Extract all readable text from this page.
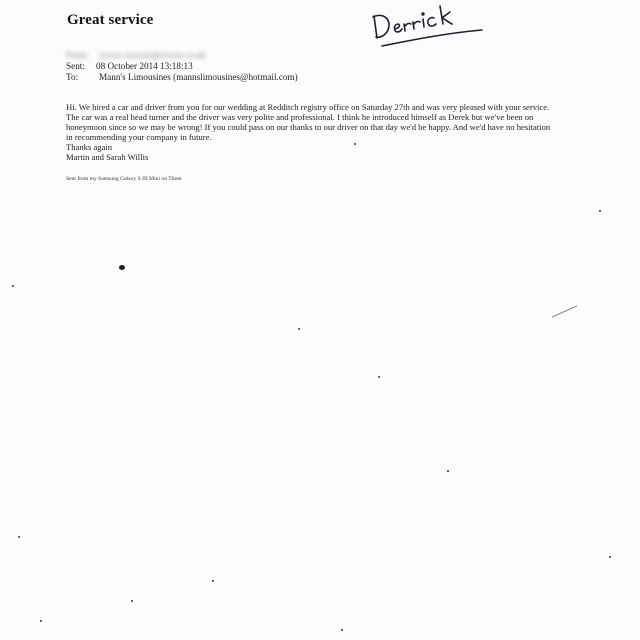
Great service
From:	xxxxx xxxxxx@xxxxx.co.uk
Sent:	08 October 2014 13:18:13
To:	Mann's Limousines (mannslimousines@hotmail.com)
Hi. We hired a car and driver from you for our wedding at Redditch registry office on Saturday 27th and was very pleased with your service.
The car was a real head turner and the driver was very polite and professional. I think he introduced himself as Derek but we've been on
honeymoon since so we may be wrong! If you could pass on our thanks to our driver on that day we'd be happy. And we'd have no hesitation
in recommending your company in future.
Thanks again
Martin and Sarah Willis
Sent from my Samsung Galaxy S III Mini on Three
